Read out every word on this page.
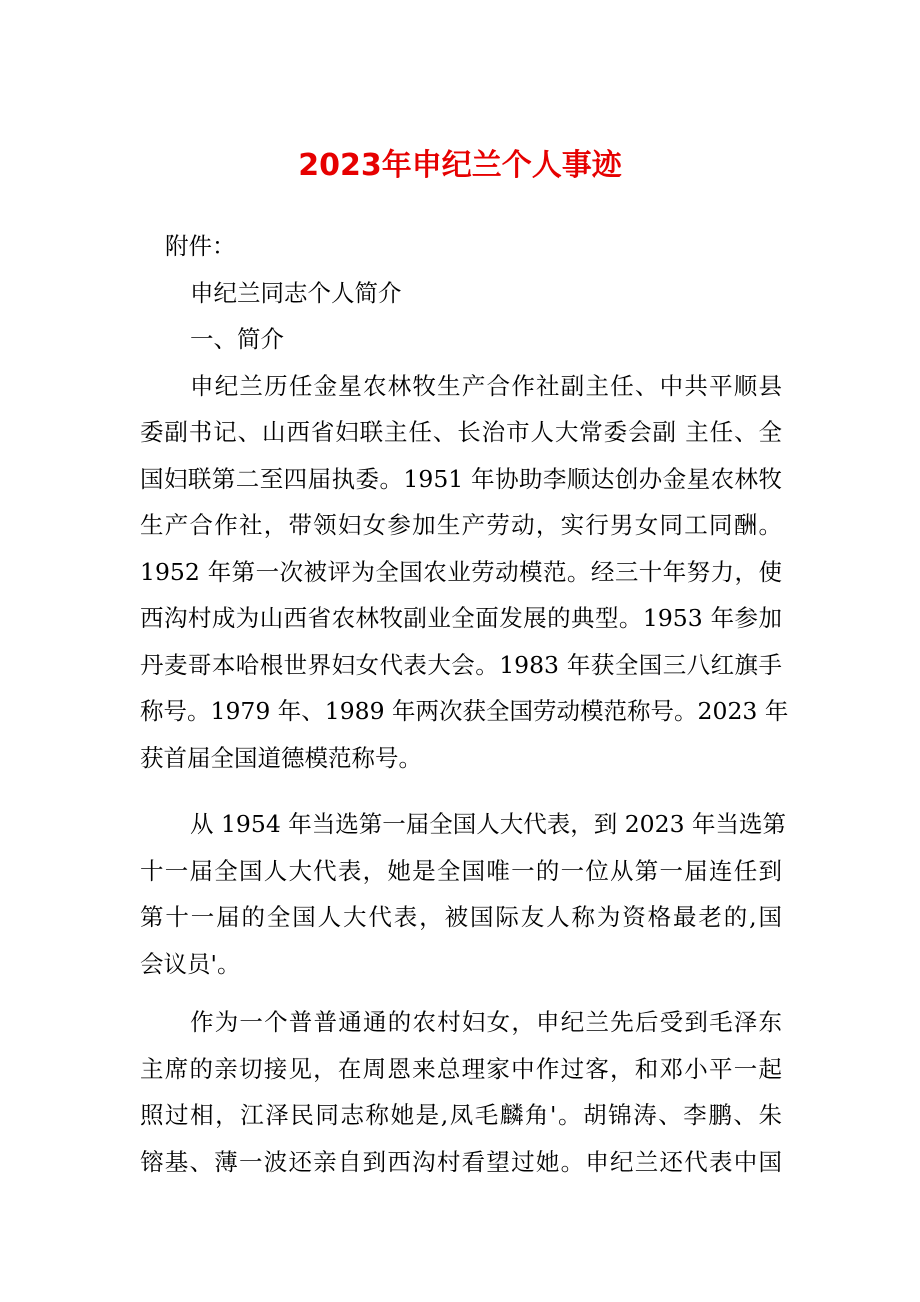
2023年申纪兰个人事迹
附件：
申纪兰同志个人简介
一、简介
申纪兰历任金星农林牧生产合作社副主任、中共平顺县
委副书记、山西省妇联主任、长治市人大常委会副 主任、全
国妇联第二至四届执委。1951 年协助李顺达创办金星农林牧
生产合作社，带领妇女参加生产劳动，实行男女同工同酬。
1952 年第一次被评为全国农业劳动模范。经三十年努力，使
西沟村成为山西省农林牧副业全面发展的典型。1953 年参加
丹麦哥本哈根世界妇女代表大会。1983 年获全国三八红旗手
称号。1979 年、1989 年两次获全国劳动模范称号。2023 年
获首届全国道德模范称号。
从 1954 年当选第一届全国人大代表，到 2023 年当选第
十一届全国人大代表，她是全国唯一的一位从第一届连任到
第十一届的全国人大代表，被国际友人称为资格最老的,国
会议员'。
作为一个普普通通的农村妇女，申纪兰先后受到毛泽东
主席的亲切接见，在周恩来总理家中作过客，和邓小平一起
照过相，江泽民同志称她是,凤毛麟角'。胡锦涛、李鹏、朱
镕基、薄一波还亲自到西沟村看望过她。申纪兰还代表中国
